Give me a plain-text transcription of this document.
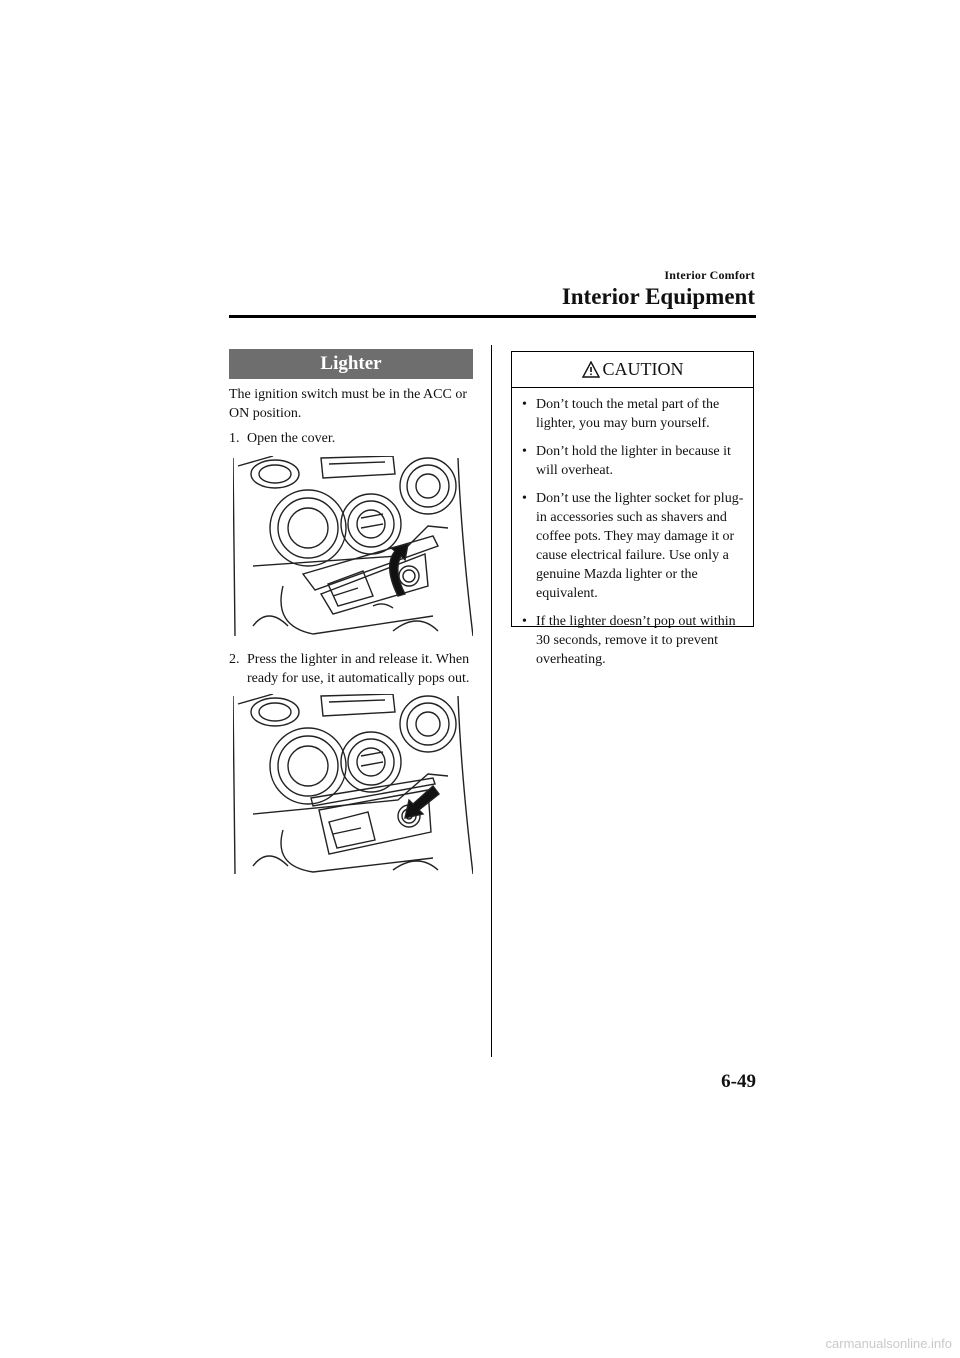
Interior Comfort
Interior Equipment
Lighter
The ignition switch must be in the ACC or ON position.
1. Open the cover.
2. Press the lighter in and release it. When
ready for use, it automatically pops out.
CAUTION
• Don’t touch the metal part of the lighter, you may burn yourself.
• Don’t hold the lighter in because it will overheat.
• Don’t use the lighter socket for plug-in accessories such as shavers and coffee pots. They may damage it or cause electrical failure. Use only a genuine Mazda lighter or the equivalent.
• If the lighter doesn’t pop out within 30 seconds, remove it to prevent overheating.
6-49
carmanualsonline.info
